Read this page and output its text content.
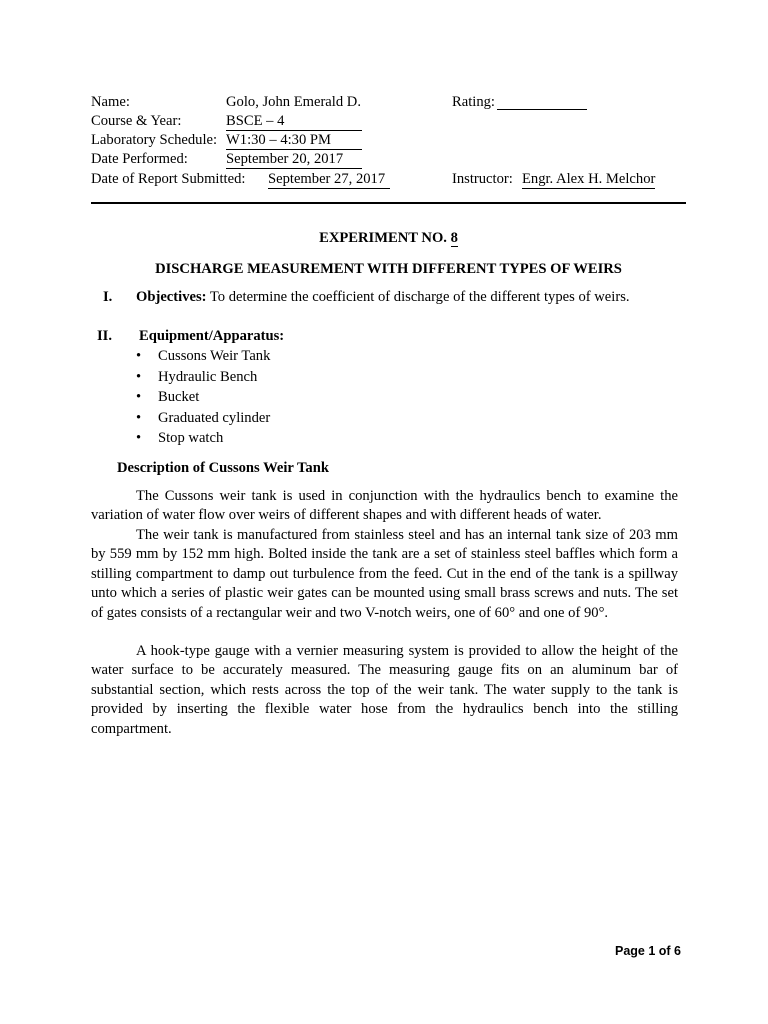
Name:	Golo, John Emerald D.	Rating:
Course & Year:	BSCE – 4
Laboratory Schedule: W1:30 – 4:30 PM
Date Performed:	September 20, 2017
Date of Report Submitted: September 27, 2017	Instructor: Engr. Alex H. Melchor
EXPERIMENT NO. 8
DISCHARGE MEASUREMENT WITH DIFFERENT TYPES OF WEIRS
I. Objectives: To determine the coefficient of discharge of the different types of weirs.
II. Equipment/Apparatus:
• Cussons Weir Tank
• Hydraulic Bench
• Bucket
• Graduated cylinder
• Stop watch
Description of Cussons Weir Tank

The Cussons weir tank is used in conjunction with the hydraulics bench to examine the variation of water flow over weirs of different shapes and with different heads of water.

The weir tank is manufactured from stainless steel and has an internal tank size of 203 mm by 559 mm by 152 mm high. Bolted inside the tank are a set of stainless steel baffles which form a stilling compartment to damp out turbulence from the feed. Cut in the end of the tank is a spillway unto which a series of plastic weir gates can be mounted using small brass screws and nuts. The set of gates consists of a rectangular weir and two V-notch weirs, one of 60° and one of 90°.

A hook-type gauge with a vernier measuring system is provided to allow the height of the water surface to be accurately measured. The measuring gauge fits on an aluminum bar of substantial section, which rests across the top of the weir tank. The water supply to the tank is provided by inserting the flexible water hose from the hydraulics bench into the stilling compartment.

Page 1 of 6
